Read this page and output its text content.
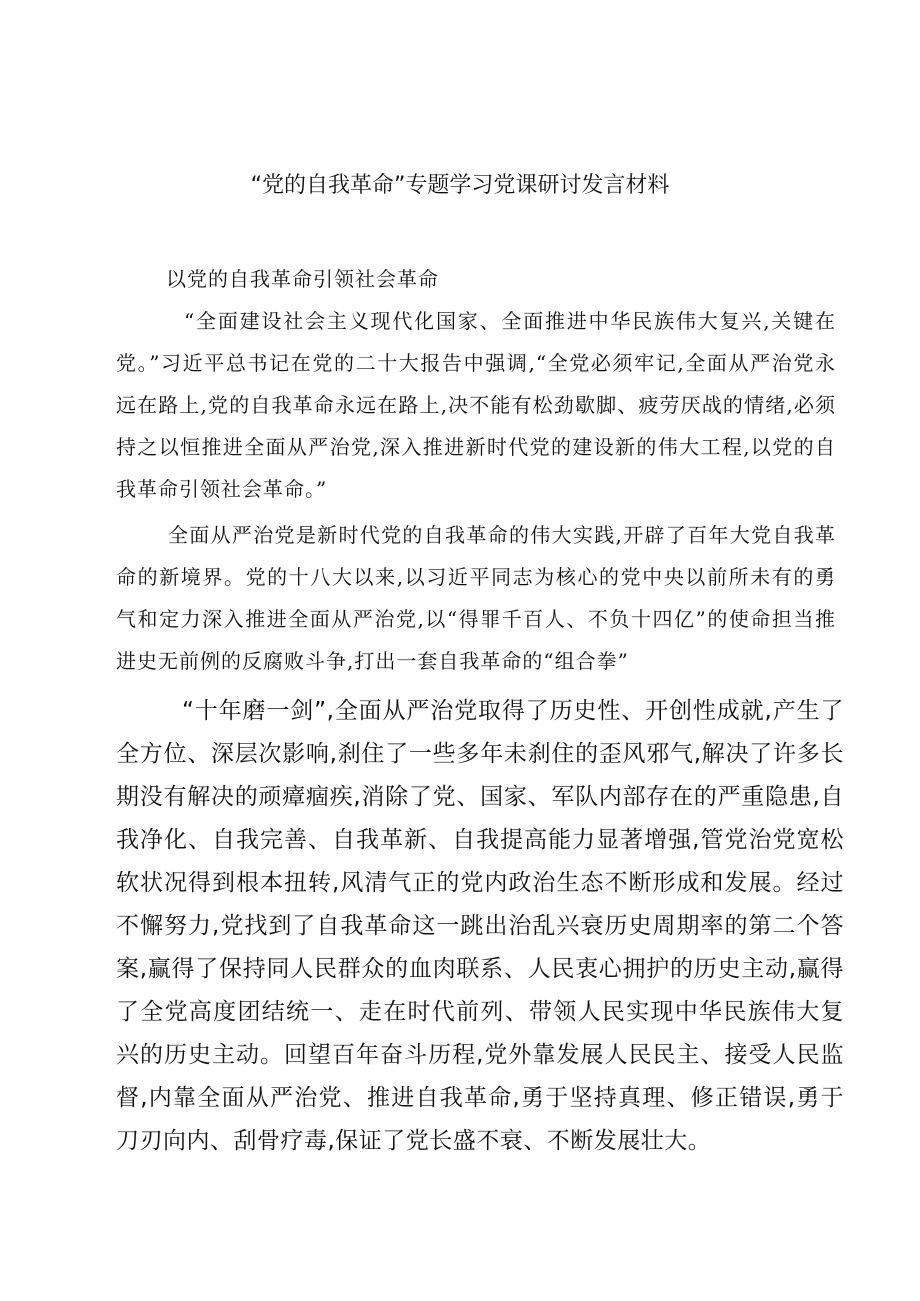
“党的自我革命”专题学习党课研讨发言材料

以党的自我革命引领社会革命

“全面建设社会主义现代化国家、全面推进中华民族伟大复兴,关键在党。”习近平总书记在党的二十大报告中强调,“全党必须牢记,全面从严治党永远在路上,党的自我革命永远在路上,决不能有松劲歇脚、疲劳厌战的情绪,必须持之以恒推进全面从严治党,深入推进新时代党的建设新的伟大工程,以党的自我革命引领社会革命。”

全面从严治党是新时代党的自我革命的伟大实践,开辟了百年大党自我革命的新境界。党的十八大以来,以习近平同志为核心的党中央以前所未有的勇气和定力深入推进全面从严治党,以“得罪千百人、不负十四亿”的使命担当推进史无前例的反腐败斗争,打出一套自我革命的“组合拳”

“十年磨一剑”,全面从严治党取得了历史性、开创性成就,产生了全方位、深层次影响,刹住了一些多年未刹住的歪风邪气,解决了许多长期没有解决的顽瘴痼疾,消除了党、国家、军队内部存在的严重隐患,自我净化、自我完善、自我革新、自我提高能力显著增强,管党治党宽松软状况得到根本扭转,风清气正的党内政治生态不断形成和发展。经过不懈努力,党找到了自我革命这一跳出治乱兴衰历史周期率的第二个答案,赢得了保持同人民群众的血肉联系、人民衷心拥护的历史主动,赢得了全党高度团结统一、走在时代前列、带领人民实现中华民族伟大复兴的历史主动。回望百年奋斗历程,党外靠发展人民民主、接受人民监督,内靠全面从严治党、推进自我革命,勇于坚持真理、修正错误,勇于刀刃向内、刮骨疗毒,保证了党长盛不衰、不断发展壮大。
